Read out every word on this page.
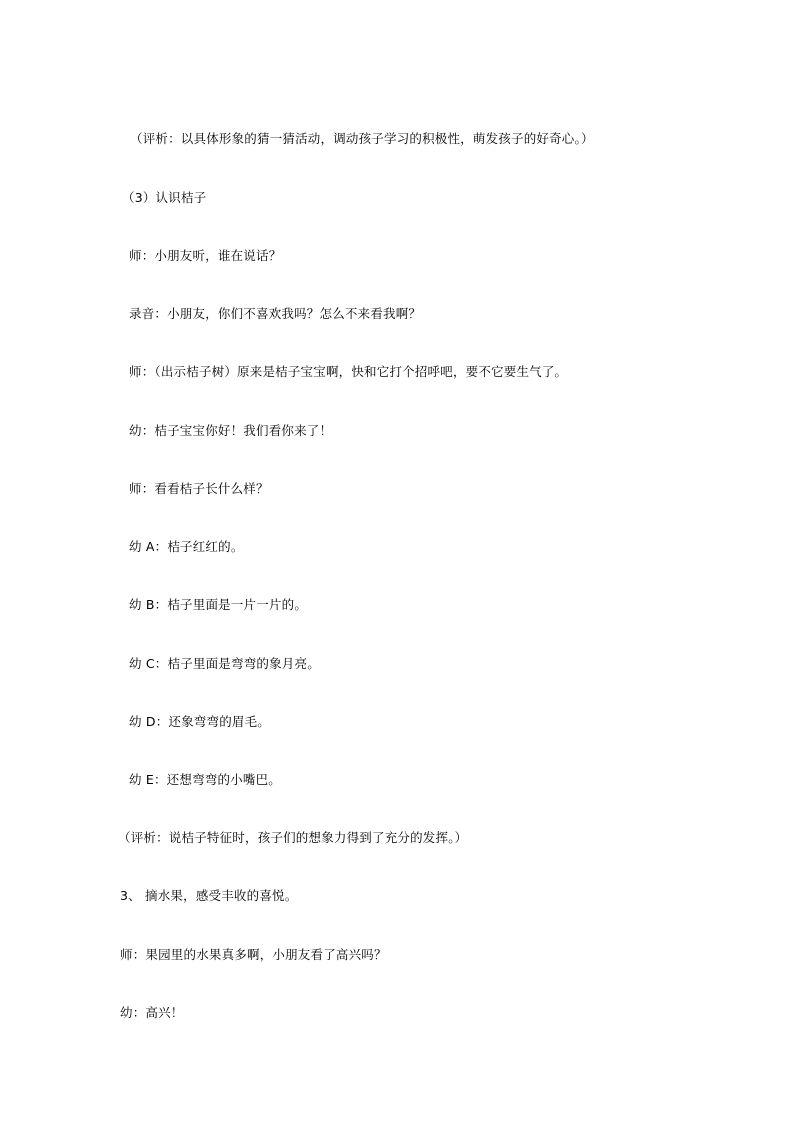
（评析：以具体形象的猜一猜活动，调动孩子学习的积极性，萌发孩子的好奇心。）
（3）认识桔子
师：小朋友听，谁在说话？
录音：小朋友，你们不喜欢我吗？怎么不来看我啊？
师：（出示桔子树）原来是桔子宝宝啊，快和它打个招呼吧，要不它要生气了。
幼：桔子宝宝你好！我们看你来了！
师：看看桔子长什么样？
幼 A：桔子红红的。
幼 B：桔子里面是一片一片的。
幼 C：桔子里面是弯弯的象月亮。
幼 D：还象弯弯的眉毛。
幼 E：还想弯弯的小嘴巴。
（评析：说桔子特征时，孩子们的想象力得到了充分的发挥。）
3、 摘水果，感受丰收的喜悦。
师：果园里的水果真多啊，小朋友看了高兴吗？
幼：高兴！
